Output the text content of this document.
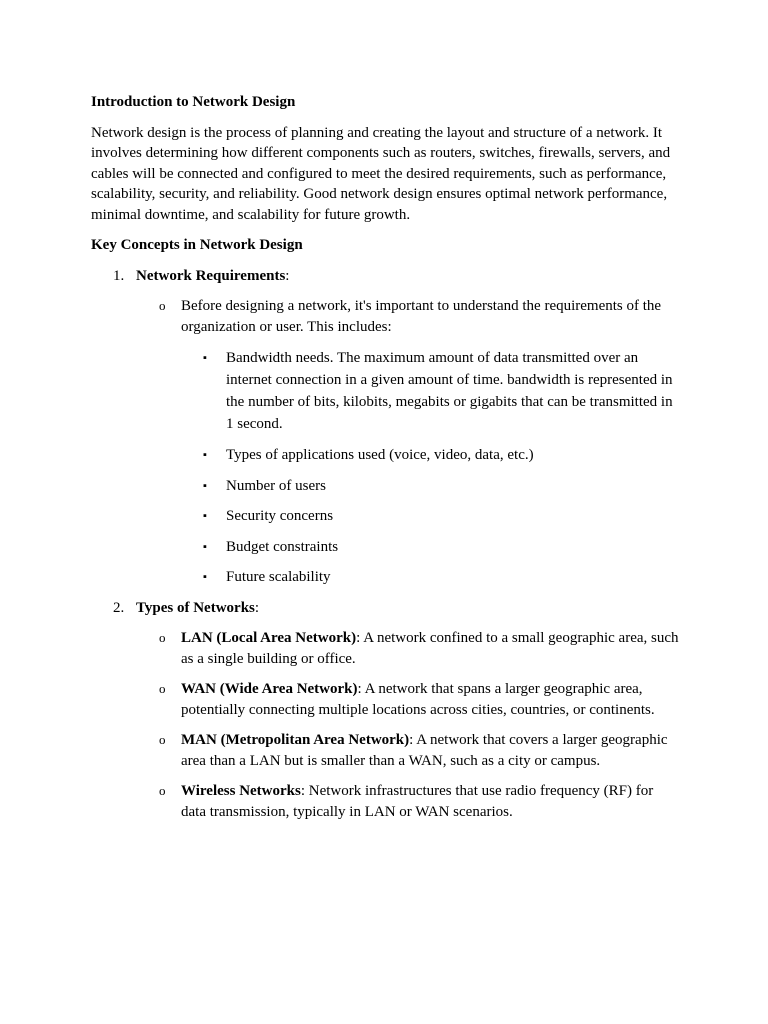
Introduction to Network Design

Network design is the process of planning and creating the layout and structure of a network. It involves determining how different components such as routers, switches, firewalls, servers, and cables will be connected and configured to meet the desired requirements, such as performance, scalability, security, and reliability. Good network design ensures optimal network performance, minimal downtime, and scalability for future growth.

Key Concepts in Network Design
1. Network Requirements:
o Before designing a network, it's important to understand the requirements of the organization or user. This includes:
▪ Bandwidth needs. The maximum amount of data transmitted over an internet connection in a given amount of time. bandwidth is represented in the number of bits, kilobits, megabits or gigabits that can be transmitted in 1 second.
▪ Types of applications used (voice, video, data, etc.)
▪ Number of users
▪ Security concerns
▪ Budget constraints
▪ Future scalability
2. Types of Networks:
o LAN (Local Area Network): A network confined to a small geographic area, such as a single building or office.
o WAN (Wide Area Network): A network that spans a larger geographic area, potentially connecting multiple locations across cities, countries, or continents.
o MAN (Metropolitan Area Network): A network that covers a larger geographic area than a LAN but is smaller than a WAN, such as a city or campus.
o Wireless Networks: Network infrastructures that use radio frequency (RF) for data transmission, typically in LAN or WAN scenarios.
